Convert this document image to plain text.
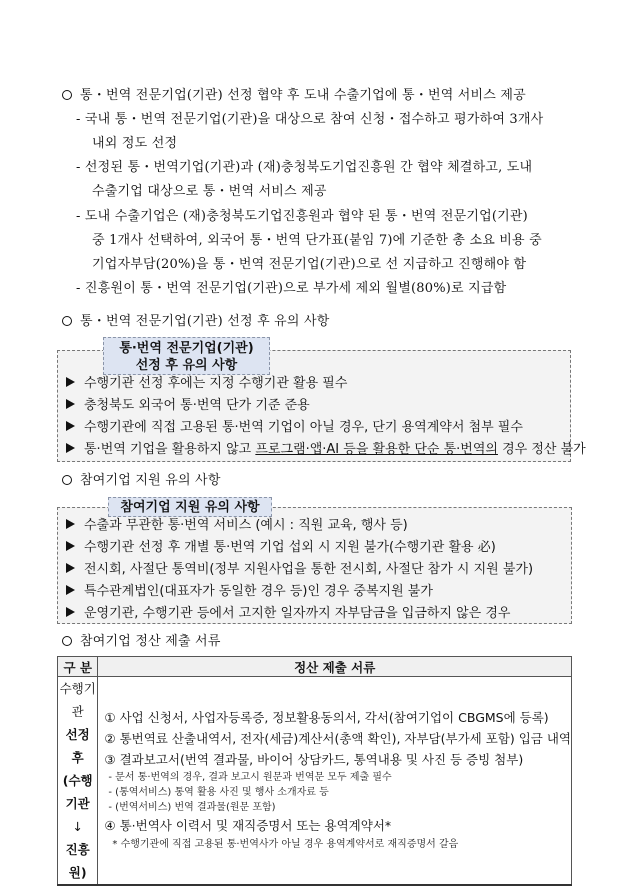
통・번역 전문기업(기관) 선정 협약 후 도내 수출기업에 통・번역 서비스 제공
- 국내 통・번역 전문기업(기관)을 대상으로 참여 신청・접수하고 평가하여 3개사
내외 정도 선정
- 선정된 통・번역기업(기관)과 (재)충청북도기업진흥원 간 협약 체결하고, 도내
수출기업 대상으로 통・번역 서비스 제공
- 도내 수출기업은 (재)충청북도기업진흥원과 협약 된 통・번역 전문기업(기관)
중 1개사 선택하여, 외국어 통・번역 단가표(붙임 7)에 기준한 총 소요 비용 중
기업자부담(20%)을 통・번역 전문기업(기관)으로 선 지급하고 진행해야 함
- 진흥원이 통・번역 전문기업(기관)으로 부가세 제외 월별(80%)로 지급함
통・번역 전문기업(기관) 선정 후 유의 사항
수행기관 선정 후에는 지정 수행기관 활용 필수
충청북도 외국어 통·번역 단가 기준 준용
수행기관에 직접 고용된 통·번역 기업이 아닐 경우, 단기 용역계약서 첨부 필수
통·번역 기업을 활용하지 않고 프로그램·앱·AI 등을 활용한 단순 통·번역의 경우 정산 불가
통·번역 전문기업(기관)
선정 후 유의 사항
참여기업 지원 유의 사항
수출과 무관한 통·번역 서비스 (예시 : 직원 교육, 행사 등)
수행기관 선정 후 개별 통·번역 기업 섭외 시 지원 불가(수행기관 활용 必)
전시회, 사절단 통역비(정부 지원사업을 통한 전시회, 사절단 참가 시 지원 불가)
특수관계법인(대표자가 동일한 경우 등)인 경우 중복지원 불가
운영기관, 수행기관 등에서 고지한 일자까지 자부담금을 입금하지 않은 경우
참여기업 지원 유의 사항
참여기업 정산 제출 서류
구 분	정산 제출 서류

수행기관
선정 후
(수행기관
↓
진흥원)

① 사업 신청서, 사업자등록증, 정보활용동의서, 각서(참여기업이 CBGMS에 등록)
② 통번역료 산출내역서, 전자(세금)계산서(총액 확인), 자부담(부가세 포함) 입금 내역
③ 결과보고서(번역 결과물, 바이어 상담카드, 통역내용 및 사진 등 증빙 첨부)
- 문서 통·번역의 경우, 결과 보고시 원문과 번역문 모두 제출 필수
- (통역서비스) 통역 활용 사진 및 행사 소개자료 등
- (번역서비스) 번역 결과물(원문 포함)
④ 통·번역사 이력서 및 재직증명서 또는 용역계약서*
* 수행기관에 직접 고용된 통·번역사가 아닐 경우 용역계약서로 재직증명서 갈음
